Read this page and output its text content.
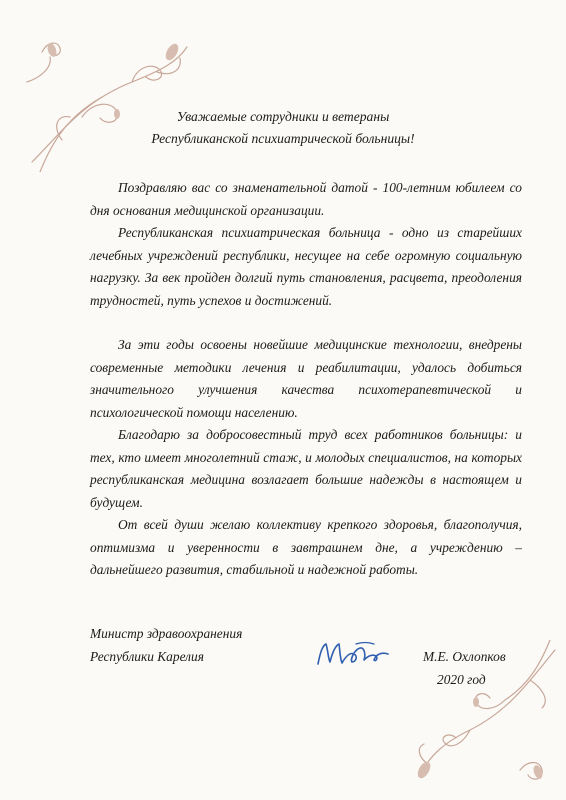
Уважаемые сотрудники и ветераны
Республиканской психиатрической больницы!

Поздравляю вас со знаменательной датой - 100-летним юбилеем со дня основания медицинской организации.

Республиканская психиатрическая больница - одно из старейших лечебных учреждений республики, несущее на себе огромную социальную нагрузку. За век пройден долгий путь становления, расцвета, преодоления трудностей, путь успехов и достижений.

За эти годы освоены новейшие медицинские технологии, внедрены современные методики лечения и реабилитации, удалось добиться значительного улучшения качества психотерапевтической и психологической помощи населению.

Благодарю за добросовестный труд всех работников больницы: и тех, кто имеет многолетний стаж, и молодых специалистов, на которых республиканская медицина возлагает большие надежды в настоящем и будущем.

От всей души желаю коллективу крепкого здоровья, благополучия, оптимизма и уверенности в завтрашнем дне, а учреждению – дальнейшего развития, стабильной и надежной работы.

Министр здравоохранения
Республики Карелия	М.Е. Охлопков
2020 год
